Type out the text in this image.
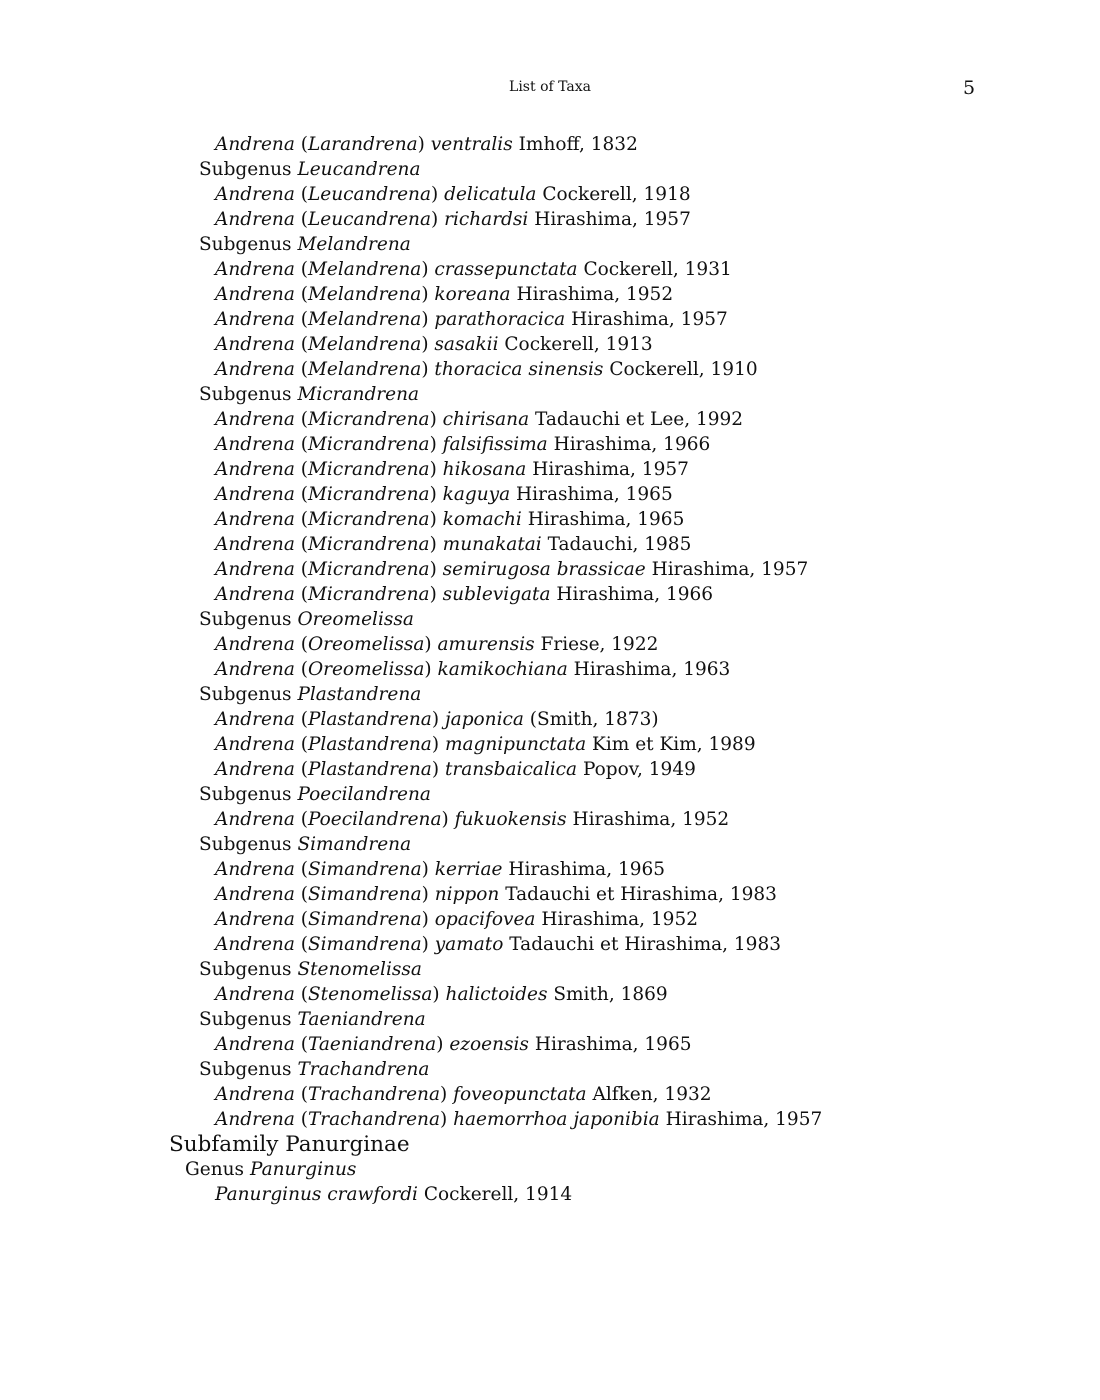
List of Taxa	5
Andrena (Larandrena) ventralis Imhoff, 1832
Subgenus Leucandrena
Andrena (Leucandrena) delicatula Cockerell, 1918
Andrena (Leucandrena) richardsi Hirashima, 1957
Subgenus Melandrena
Andrena (Melandrena) crassepunctata Cockerell, 1931
Andrena (Melandrena) koreana Hirashima, 1952
Andrena (Melandrena) parathoracica Hirashima, 1957
Andrena (Melandrena) sasakii Cockerell, 1913
Andrena (Melandrena) thoracica sinensis Cockerell, 1910
Subgenus Micrandrena
Andrena (Micrandrena) chirisana Tadauchi et Lee, 1992
Andrena (Micrandrena) falsifissima Hirashima, 1966
Andrena (Micrandrena) hikosana Hirashima, 1957
Andrena (Micrandrena) kaguya Hirashima, 1965
Andrena (Micrandrena) komachi Hirashima, 1965
Andrena (Micrandrena) munakatai Tadauchi, 1985
Andrena (Micrandrena) semirugosa brassicae Hirashima, 1957
Andrena (Micrandrena) sublevigata Hirashima, 1966
Subgenus Oreomelissa
Andrena (Oreomelissa) amurensis Friese, 1922
Andrena (Oreomelissa) kamikochiana Hirashima, 1963
Subgenus Plastandrena
Andrena (Plastandrena) japonica (Smith, 1873)
Andrena (Plastandrena) magnipunctata Kim et Kim, 1989
Andrena (Plastandrena) transbaicalica Popov, 1949
Subgenus Poecilandrena
Andrena (Poecilandrena) fukuokensis Hirashima, 1952
Subgenus Simandrena
Andrena (Simandrena) kerriae Hirashima, 1965
Andrena (Simandrena) nippon Tadauchi et Hirashima, 1983
Andrena (Simandrena) opacifovea Hirashima, 1952
Andrena (Simandrena) yamato Tadauchi et Hirashima, 1983
Subgenus Stenomelissa
Andrena (Stenomelissa) halictoides Smith, 1869
Subgenus Taeniandrena
Andrena (Taeniandrena) ezoensis Hirashima, 1965
Subgenus Trachandrena
Andrena (Trachandrena) foveopunctata Alfken, 1932
Andrena (Trachandrena) haemorrhoa japonibia Hirashima, 1957
Subfamily Panurginae
Genus Panurginus
Panurginus crawfordi Cockerell, 1914
